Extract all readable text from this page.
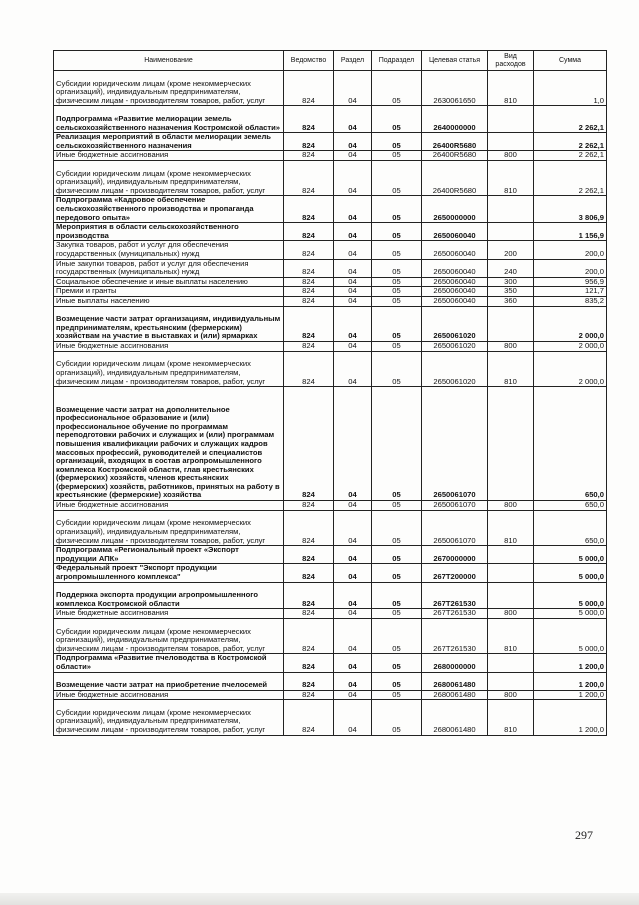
Наименование	Ведомство	Раздел	Подраздел	Целевая статья	Вид расходов	Сумма
Субсидии юридическим лицам (кроме некоммерческих организаций), индивидуальным предпринимателям, физическим лицам - производителям товаров, работ, услуг	824	04	05	2630061650	810	1,0
Подпрограмма «Развитие мелиорации земель сельскохозяйственного назначения Костромской области»	824	04	05	2640000000		2 262,1
Реализация мероприятий в области мелиорации земель сельскохозяйственного назначения	824	04	05	26400R5680		2 262,1
Иные бюджетные ассигнования	824	04	05	26400R5680	800	2 262,1
Субсидии юридическим лицам (кроме некоммерческих организаций), индивидуальным предпринимателям, физическим лицам - производителям товаров, работ, услуг	824	04	05	26400R5680	810	2 262,1
Подпрограмма «Кадровое обеспечение сельскохозяйственного производства и пропаганда передового опыта»	824	04	05	2650000000		3 806,9
Мероприятия в области сельскохозяйственного производства	824	04	05	2650060040		1 156,9
Закупка товаров, работ и услуг для обеспечения государственных (муниципальных) нужд	824	04	05	2650060040	200	200,0
Иные закупки товаров, работ и услуг для обеспечения государственных (муниципальных) нужд	824	04	05	2650060040	240	200,0
Социальное обеспечение и иные выплаты населению	824	04	05	2650060040	300	956,9
Премии и гранты	824	04	05	2650060040	350	121,7
Иные выплаты населению	824	04	05	2650060040	360	835,2
Возмещение части затрат организациям, индивидуальным предпринимателям, крестьянским (фермерским) хозяйствам на участие в выставках и (или) ярмарках	824	04	05	2650061020		2 000,0
Иные бюджетные ассигнования	824	04	05	2650061020	800	2 000,0
Субсидии юридическим лицам (кроме некоммерческих организаций), индивидуальным предпринимателям, физическим лицам - производителям товаров, работ, услуг	824	04	05	2650061020	810	2 000,0
Возмещение части затрат на дополнительное профессиональное образование и (или) профессиональное обучение по программам переподготовки рабочих и служащих и (или) программам повышения квалификации рабочих и служащих кадров массовых профессий, руководителей и специалистов организаций, входящих в состав агропромышленного комплекса Костромской области, глав крестьянских (фермерских) хозяйств, членов крестьянских (фермерских) хозяйств, работников, принятых на работу в крестьянские (фермерские) хозяйства	824	04	05	2650061070		650,0
Иные бюджетные ассигнования	824	04	05	2650061070	800	650,0
Субсидии юридическим лицам (кроме некоммерческих организаций), индивидуальным предпринимателям, физическим лицам - производителям товаров, работ, услуг	824	04	05	2650061070	810	650,0
Подпрограмма «Региональный проект «Экспорт продукции АПК»	824	04	05	2670000000		5 000,0
Федеральный проект "Экспорт продукции агропромышленного комплекса"	824	04	05	267T200000		5 000,0
Поддержка экспорта продукции агропромышленного комплекса Костромской области	824	04	05	267T261530		5 000,0
Иные бюджетные ассигнования	824	04	05	267T261530	800	5 000,0
Субсидии юридическим лицам (кроме некоммерческих организаций), индивидуальным предпринимателям, физическим лицам - производителям товаров, работ, услуг	824	04	05	267T261530	810	5 000,0
Подпрограмма «Развитие пчеловодства в Костромской области»	824	04	05	2680000000		1 200,0
Возмещение части затрат на приобретение пчелосемей	824	04	05	2680061480		1 200,0
Иные бюджетные ассигнования	824	04	05	2680061480	800	1 200,0
Субсидии юридическим лицам (кроме некоммерческих организаций), индивидуальным предпринимателям, физическим лицам - производителям товаров, работ, услуг	824	04	05	2680061480	810	1 200,0
297
